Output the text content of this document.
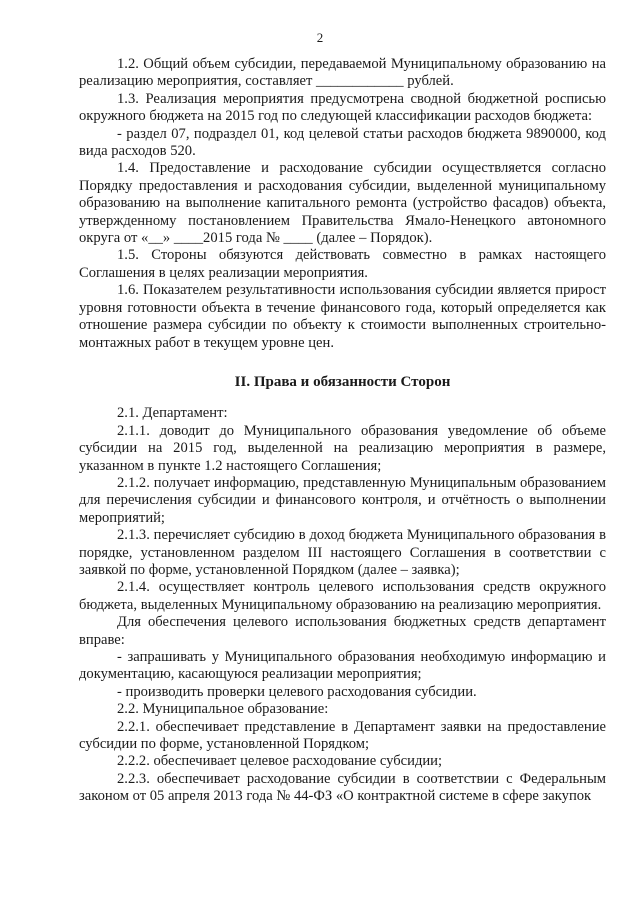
2

1.2. Общий объем субсидии, передаваемой Муниципальному образованию на реализацию мероприятия, составляет ____________ рублей.

1.3. Реализация мероприятия предусмотрена сводной бюджетной росписью окружного бюджета на 2015 год по следующей классификации расходов бюджета:

- раздел 07, подраздел 01, код целевой статьи расходов бюджета 9890000, код вида расходов 520.

1.4. Предоставление и расходование субсидии осуществляется согласно Порядку предоставления и расходования субсидии, выделенной муниципальному образованию на выполнение капитального ремонта (устройство фасадов) объекта, утвержденному постановлением Правительства Ямало-Ненецкого автономного округа от «__» ____2015 года № ____ (далее – Порядок).

1.5. Стороны обязуются действовать совместно в рамках настоящего Соглашения в целях реализации мероприятия.

1.6. Показателем результативности использования субсидии является прирост уровня готовности объекта в течение финансового года, который определяется как отношение размера субсидии по объекту к стоимости выполненных строительно-монтажных работ в текущем уровне цен.

II. Права и обязанности Сторон

2.1. Департамент:

2.1.1. доводит до Муниципального образования уведомление об объеме субсидии на 2015 год, выделенной на реализацию мероприятия в размере, указанном в пункте 1.2 настоящего Соглашения;

2.1.2. получает информацию, представленную Муниципальным образованием для перечисления субсидии и финансового контроля, и отчётность о выполнении мероприятий;

2.1.3. перечисляет субсидию в доход бюджета Муниципального образования в порядке, установленном разделом III настоящего Соглашения в соответствии с заявкой по форме, установленной Порядком (далее – заявка);

2.1.4. осуществляет контроль целевого использования средств окружного бюджета, выделенных Муниципальному образованию на реализацию мероприятия.

Для обеспечения целевого использования бюджетных средств департамент вправе:

- запрашивать у Муниципального образования необходимую информацию и документацию, касающуюся реализации мероприятия;

- производить проверки целевого расходования субсидии.

2.2. Муниципальное образование:

2.2.1. обеспечивает представление в Департамент заявки на предоставление субсидии по форме, установленной Порядком;

2.2.2. обеспечивает целевое расходование субсидии;

2.2.3. обеспечивает расходование субсидии в соответствии с Федеральным законом от 05 апреля 2013 года № 44-ФЗ «О контрактной системе в сфере закупок
